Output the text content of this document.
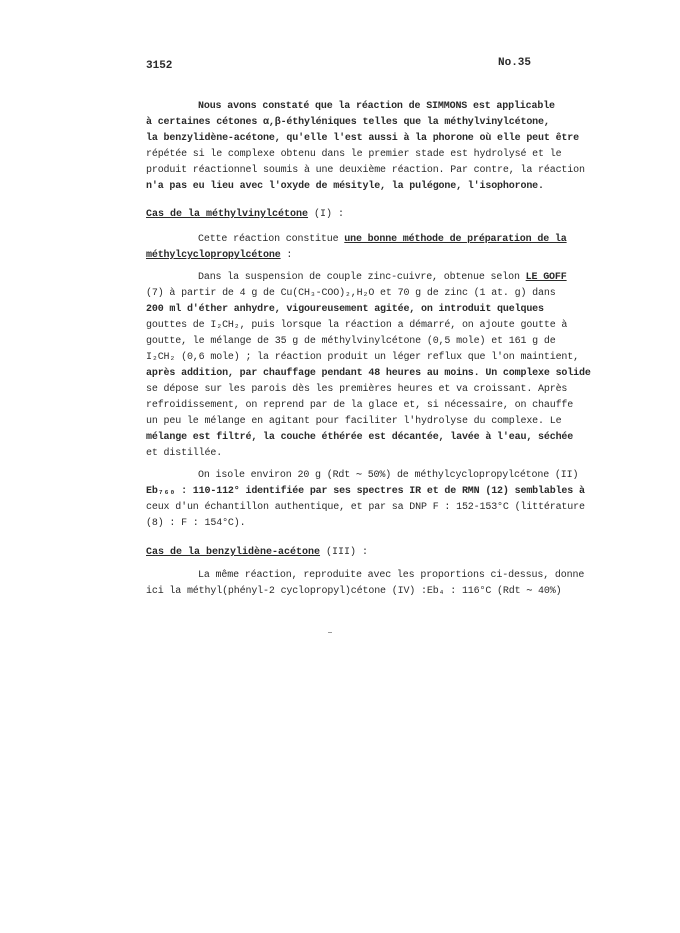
3152	No.35
Nous avons constaté que la réaction de SIMMONS est applicable
à certaines cétones α,β-éthyléniques telles que la méthylvinylcétone,
la benzylidène-acétone, qu'elle l'est aussi à la phorone où elle peut être
répétée si le complexe obtenu dans le premier stade est hydrolysé et le
produit réactionnel soumis à une deuxième réaction. Par contre, la réaction
n'a pas eu lieu avec l'oxyde de mésityle, la pulégone, l'isophorone.
Cas de la méthylvinylcétone (I) :
Cette réaction constitue une bonne méthode de préparation de la
méthylcyclopropylcétone :
Dans la suspension de couple zinc-cuivre, obtenue selon LE GOFF
(7) à partir de 4 g de Cu(CH₃-COO)₂,H₂O et 70 g de zinc (1 at. g) dans
200 ml d'éther anhydre, vigoureusement agitée, on introduit quelques
gouttes de I₂CH₂, puis lorsque la réaction a démarré, on ajoute goutte à
goutte, le mélange de 35 g de méthylvinylcétone (0,5 mole) et 161 g de
I₂CH₂ (0,6 mole) ; la réaction produit un léger reflux que l'on maintient,
après addition, par chauffage pendant 48 heures au moins. Un complexe solide
se dépose sur les parois dès les premières heures et va croissant. Après
refroidissement, on reprend par de la glace et, si nécessaire, on chauffe
un peu le mélange en agitant pour faciliter l'hydrolyse du complexe. Le
mélange est filtré, la couche éthérée est décantée, lavée à l'eau, séchée
et distillée.
On isole environ 20 g (Rdt ∼ 50%) de méthylcyclopropylcétone (II)
Eb₇₆₀ : 110-112° identifiée par ses spectres IR et de RMN (12) semblables à
ceux d'un échantillon authentique, et par sa DNP F : 152-153°C (littérature
(8) : F : 154°C).
Cas de la benzylidène-acétone (III) :
La même réaction, reproduite avec les proportions ci-dessus, donne
ici la méthyl(phényl-2 cyclopropyl)cétone (IV) :Eb₄ : 116°C (Rdt ∼ 40%)
